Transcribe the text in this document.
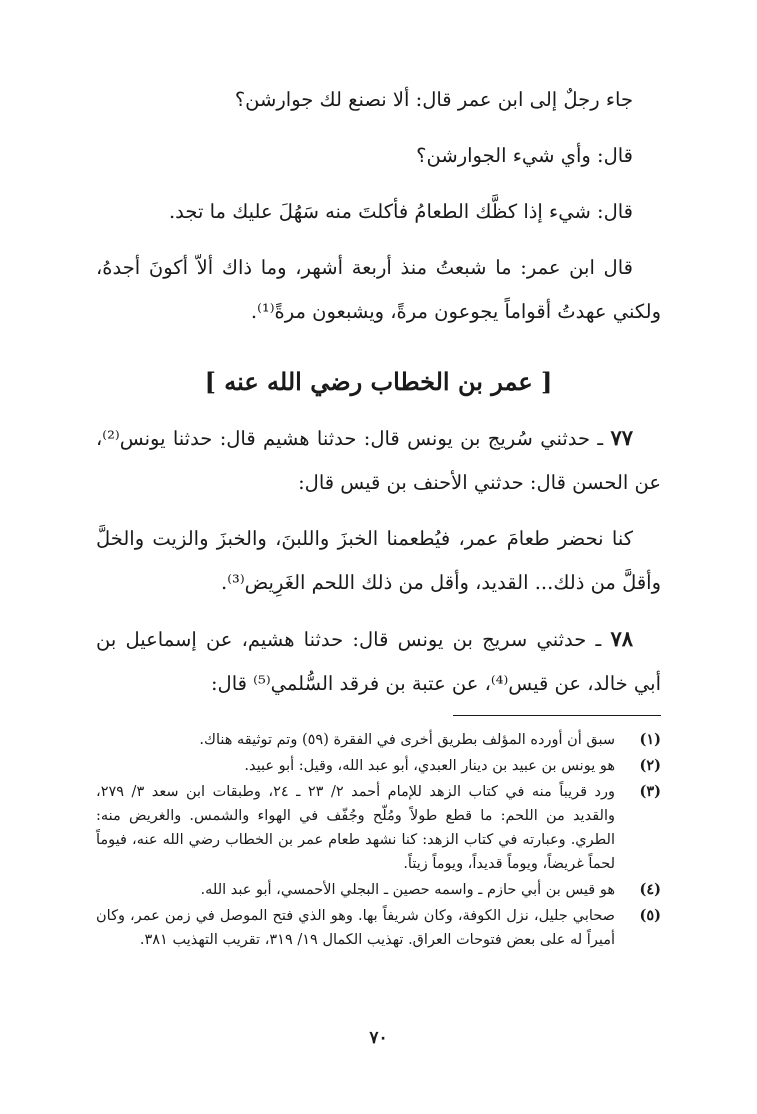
جاء رجلٌ إلى ابن عمر قال: ألا نصنع لك جوارشن؟

قال: وأي شيء الجوارشن؟

قال: شيء إذا كظَّك الطعامُ فأكلتَ منه سَهُلَ عليك ما تجد.

قال ابن عمر: ما شبعتُ منذ أربعة أشهر، وما ذاك ألاّ أكونَ أجدهُ، ولكني عهدتُ أقواماً يجوعون مرةً، ويشبعون مرةً⁽¹⁾.

[ عمر بن الخطاب رضي الله عنه ]

٧٧ ـ حدثني سُريج بن يونس قال: حدثنا هشيم قال: حدثنا يونس⁽²⁾، عن الحسن قال: حدثني الأحنف بن قيس قال:

كنا نحضر طعامَ عمر، فيُطعمنا الخبزَ واللبنَ، والخبزَ والزيت والخلَّ وأقلَّ من ذلك... القديد، وأقل من ذلك اللحم الغَرِيض⁽³⁾.

٧٨ ـ حدثني سريج بن يونس قال: حدثنا هشيم، عن إسماعيل بن أبي خالد، عن قيس⁽⁴⁾، عن عتبة بن فرقد السُّلمي⁽⁵⁾ قال:

(١)
سبق أن أورده المؤلف بطريق أخرى في الفقرة (٥٩) وتم توثيقه هناك.
(٢)
هو يونس بن عبيد بن دينار العبدي، أبو عبد الله، وقيل: أبو عبيد.
(٣)
ورد قريباً منه في كتاب الزهد للإمام أحمد ٢/ ٢٣ ـ ٢٤، وطبقات ابن سعد ٣/ ٢٧٩، والقديد من اللحم: ما قطع طولاً ومُلّح وجُفّف في الهواء والشمس. والغريض منه: الطري. وعبارته في كتاب الزهد: كنا نشهد طعام عمر بن الخطاب رضي الله عنه، فيوماً لحماً غريضاً، ويوماً قديداً، ويوماً زيتاً.
(٤)
هو قيس بن أبي حازم ـ واسمه حصين ـ البجلي الأحمسي، أبو عبد الله.
(٥)
صحابي جليل، نزل الكوفة، وكان شريفاً بها. وهو الذي فتح الموصل في زمن عمر، وكان أميراً له على بعض فتوحات العراق. تهذيب الكمال ١٩/ ٣١٩، تقريب التهذيب ٣٨١.
٧٠
